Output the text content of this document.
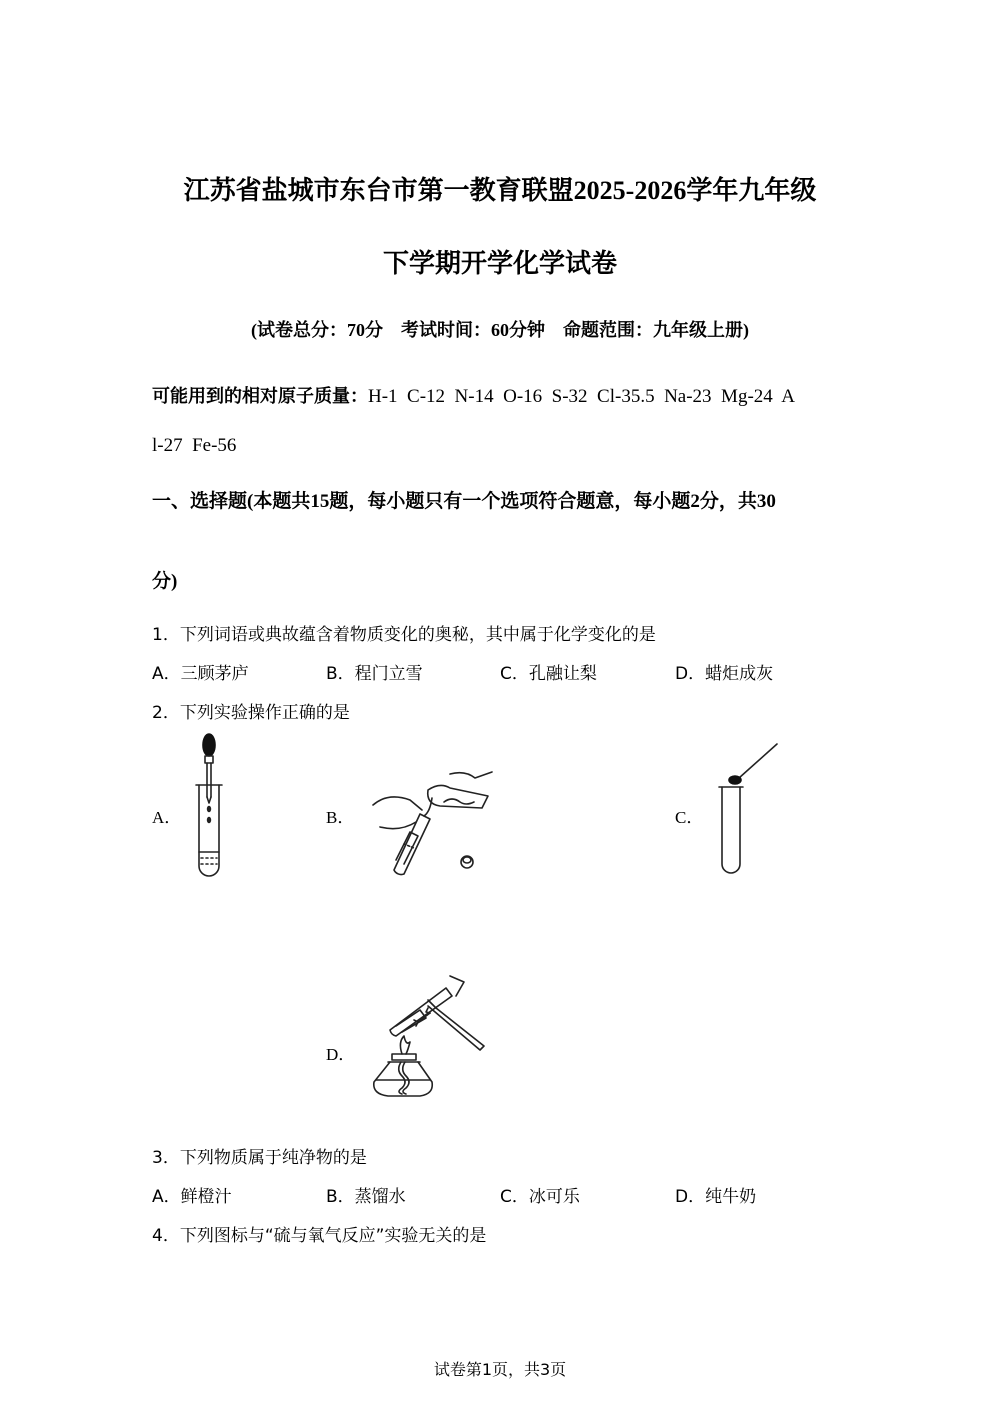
江苏省盐城市东台市第一教育联盟2025-2026学年九年级
下学期开学化学试卷
(试卷总分：70分　考试时间：60分钟　命题范围：九年级上册)
可能用到的相对原子质量：H-1  C-12  N-14  O-16  S-32  Cl-35.5  Na-23  Mg-24  A
l-27  Fe-56
一、选择题(本题共15题，每小题只有一个选项符合题意，每小题2分，共30
分)
1．下列词语或典故蕴含着物质变化的奥秘，其中属于化学变化的是
A．三顾茅庐	B．程门立雪	C．孔融让梨	D．蜡炬成灰
2．下列实验操作正确的是
A．	B．	C．
D．
3．下列物质属于纯净物的是
A．鲜橙汁	B．蒸馏水	C．冰可乐	D．纯牛奶
4．下列图标与“硫与氧气反应”实验无关的是
试卷第1页，共3页
